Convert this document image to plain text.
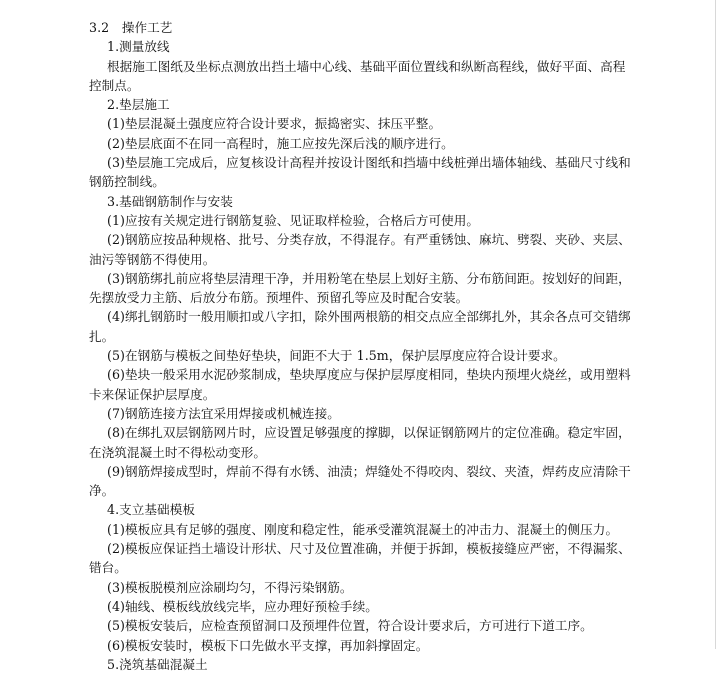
3.2　操作工艺
1.测量放线
根据施工图纸及坐标点测放出挡土墙中心线、基础平面位置线和纵断高程线，做好平面、高程
控制点。
2.垫层施工
(1)垫层混凝土强度应符合设计要求，振捣密实、抹压平整。
(2)垫层底面不在同一高程时，施工应按先深后浅的顺序进行。
(3)垫层施工完成后，应复核设计高程并按设计图纸和挡墙中线桩弹出墙体轴线、基础尺寸线和
钢筋控制线。
3.基础钢筋制作与安装
(1)应按有关规定进行钢筋复验、见证取样检验，合格后方可使用。
(2)钢筋应按品种规格、批号、分类存放，不得混存。有严重锈蚀、麻坑、劈裂、夹砂、夹层、
油污等钢筋不得使用。
(3)钢筋绑扎前应将垫层清理干净，并用粉笔在垫层上划好主筋、分布筋间距。按划好的间距，
先摆放受力主筋、后放分布筋。预埋件、预留孔等应及时配合安装。
(4)绑扎钢筋时一般用顺扣或八字扣，除外围两根筋的相交点应全部绑扎外，其余各点可交错绑
扎。
(5)在钢筋与模板之间垫好垫块，间距不大于 1.5m，保护层厚度应符合设计要求。
(6)垫块一般采用水泥砂浆制成，垫块厚度应与保护层厚度相同，垫块内预埋火烧丝，或用塑料
卡来保证保护层厚度。
(7)钢筋连接方法宜采用焊接或机械连接。
(8)在绑扎双层钢筋网片时，应设置足够强度的撑脚，以保证钢筋网片的定位准确。稳定牢固，
在浇筑混凝土时不得松动变形。
(9)钢筋焊接成型时，焊前不得有水锈、油渍；焊缝处不得咬肉、裂纹、夹渣，焊药皮应清除干
净。
4.支立基础模板
(1)模板应具有足够的强度、刚度和稳定性，能承受灌筑混凝土的冲击力、混凝土的侧压力。
(2)模板应保证挡土墙设计形状、尺寸及位置准确，并便于拆卸，模板接缝应严密，不得漏浆、
错台。
(3)模板脱模剂应涂刷均匀，不得污染钢筋。
(4)轴线、模板线放线完毕，应办理好预检手续。
(5)模板安装后，应检查预留洞口及预埋件位置，符合设计要求后，方可进行下道工序。
(6)模板安装时，模板下口先做水平支撑，再加斜撑固定。
5.浇筑基础混凝土
